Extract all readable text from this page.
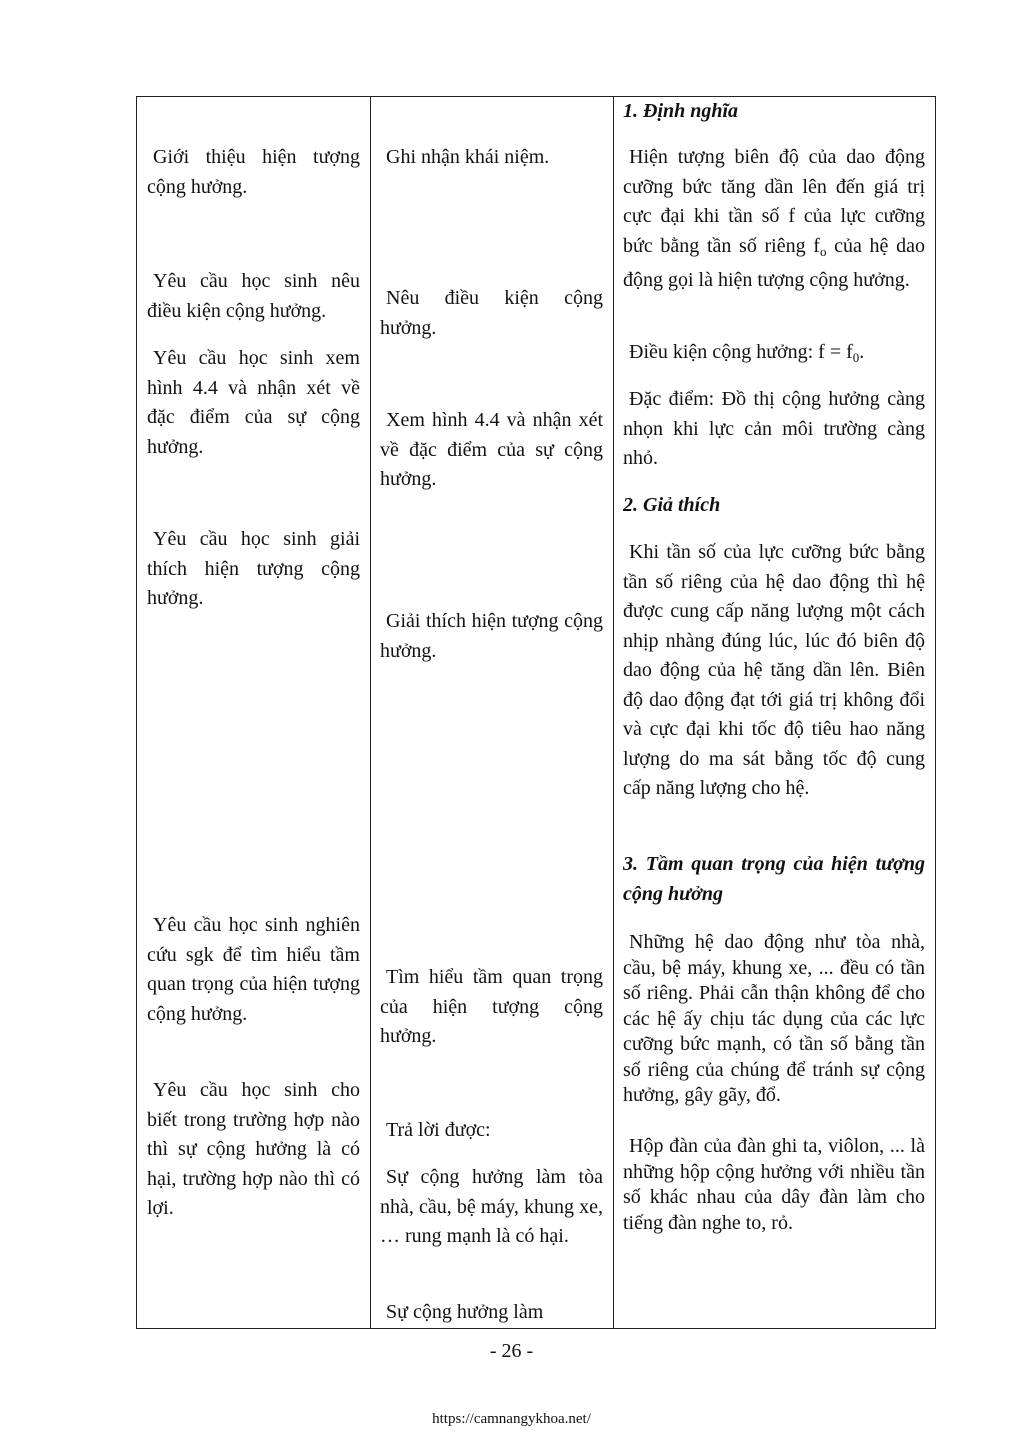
Giới thiệu hiện tượng cộng hưởng.

Yêu cầu học sinh nêu điều kiện cộng hưởng.

Yêu cầu học sinh xem hình 4.4 và nhận xét về đặc điểm của sự cộng hưởng.

Yêu cầu học sinh giải thích hiện tượng cộng hưởng.

Yêu cầu học sinh nghiên cứu sgk để tìm hiểu tầm quan trọng của hiện tượng cộng hưởng.

Yêu cầu học sinh cho biết trong trường hợp nào thì sự cộng hưởng là có hại, trường hợp nào thì có lợi.

Ghi nhận khái niệm.

Nêu điều kiện cộng hưởng.

Xem hình 4.4 và nhận xét về đặc điểm của sự cộng hưởng.

Giải thích hiện tượng cộng hưởng.

Tìm hiểu tầm quan trọng của hiện tượng cộng hưởng.

Trả lời được:

Sự cộng hưởng làm tòa nhà, cầu, bệ máy, khung xe, … rung mạnh là có hại.

Sự cộng hưởng làm

1. Định nghĩa

Hiện tượng biên độ của dao động cưỡng bức tăng dần lên đến giá trị cực đại khi tần số f của lực cưỡng bức bằng tần số riêng $f_o$ của hệ dao động gọi là hiện tượng cộng hưởng.

Điều kiện cộng hưởng: $f = f_0$.

Đặc điểm: Đồ thị cộng hưởng càng nhọn khi lực cản môi trường càng nhỏ.

2. Giả thích

Khi tần số của lực cưỡng bức bằng tần số riêng của hệ dao động thì hệ được cung cấp năng lượng một cách nhịp nhàng đúng lúc, lúc đó biên độ dao động của hệ tăng dần lên. Biên độ dao động đạt tới giá trị không đổi và cực đại khi tốc độ tiêu hao năng lượng do ma sát bằng tốc độ cung cấp năng lượng cho hệ.

3. Tầm quan trọng của hiện tượng cộng hưởng

Những hệ dao động như tòa nhà, cầu, bệ máy, khung xe, ... đều có tần số riêng. Phải cẫn thận không để cho các hệ ấy chịu tác dụng của các lực cưỡng bức mạnh, có tần số bằng tần số riêng của chúng để tránh sự cộng hưởng, gây gãy, đổ.

Hộp đàn của đàn ghi ta, viôlon, ... là những hộp cộng hưởng với nhiều tần số khác nhau của dây đàn làm cho tiếng đàn nghe to, rỏ.

- 26 -
https://camnangykhoa.net/
